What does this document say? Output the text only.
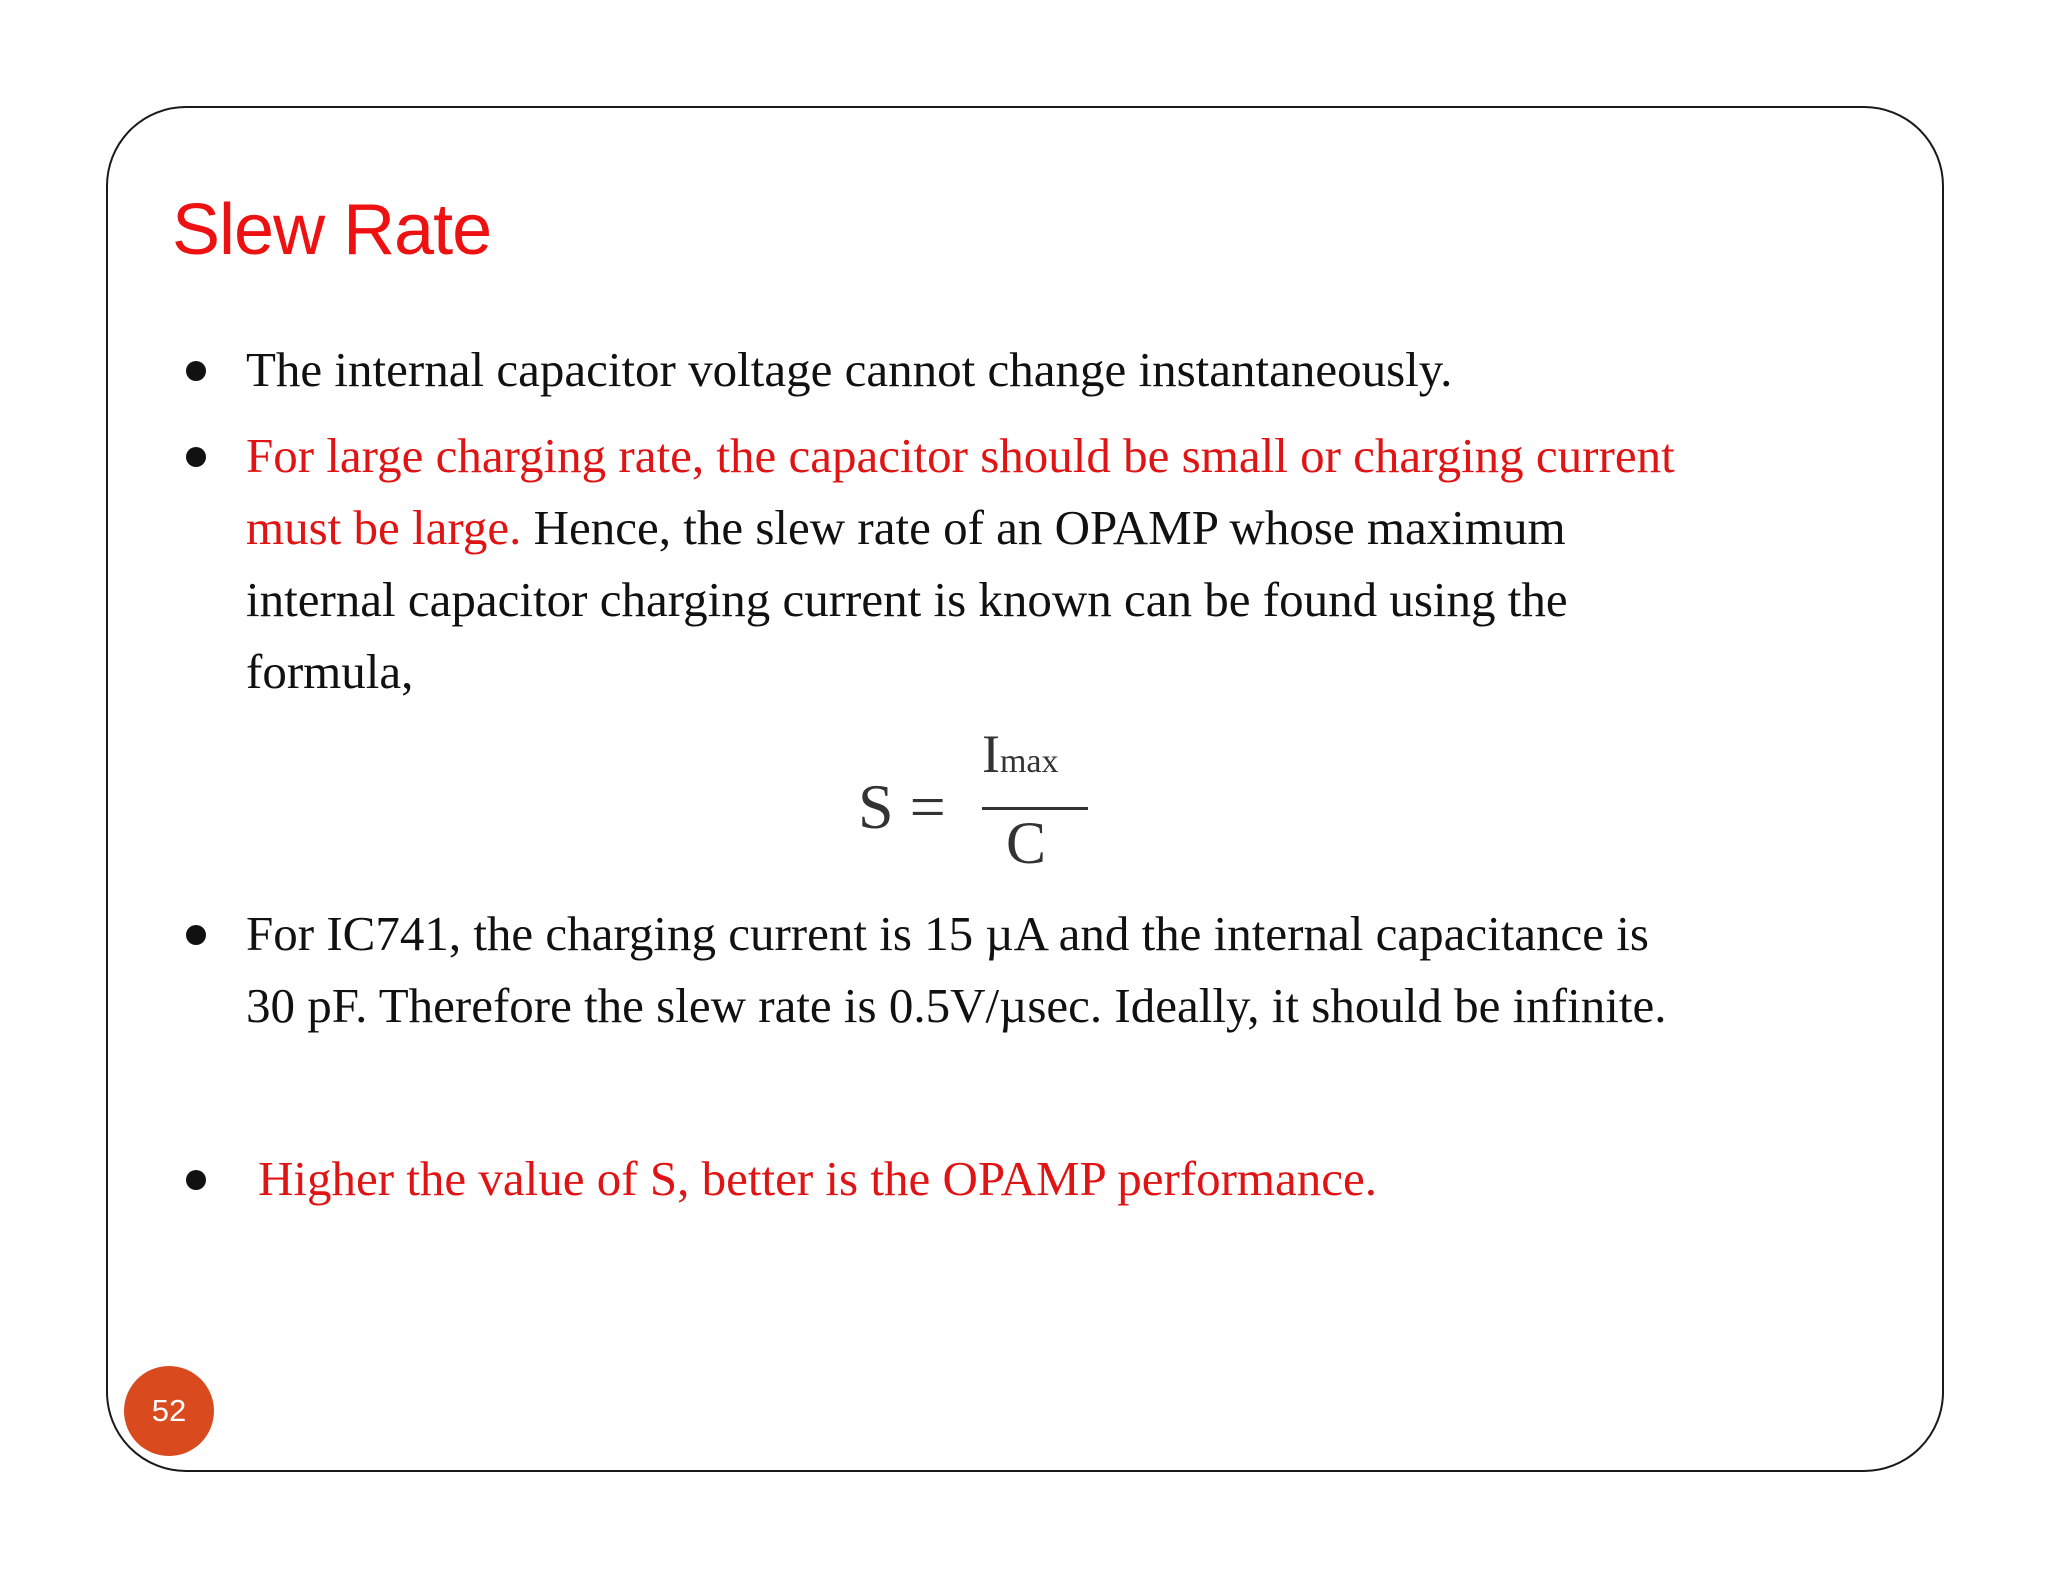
Slew Rate
The internal capacitor voltage cannot change instantaneously.
For large charging rate, the capacitor should be small or charging current
must be large. Hence, the slew rate of an OPAMP whose maximum
internal capacitor charging current is known can be found using the
formula,
S =
Imax
C
For IC741, the charging current is 15 µA and the internal capacitance is
30 pF. Therefore the slew rate is 0.5V/µsec. Ideally, it should be infinite.
Higher the value of S, better is the OPAMP performance.
52
